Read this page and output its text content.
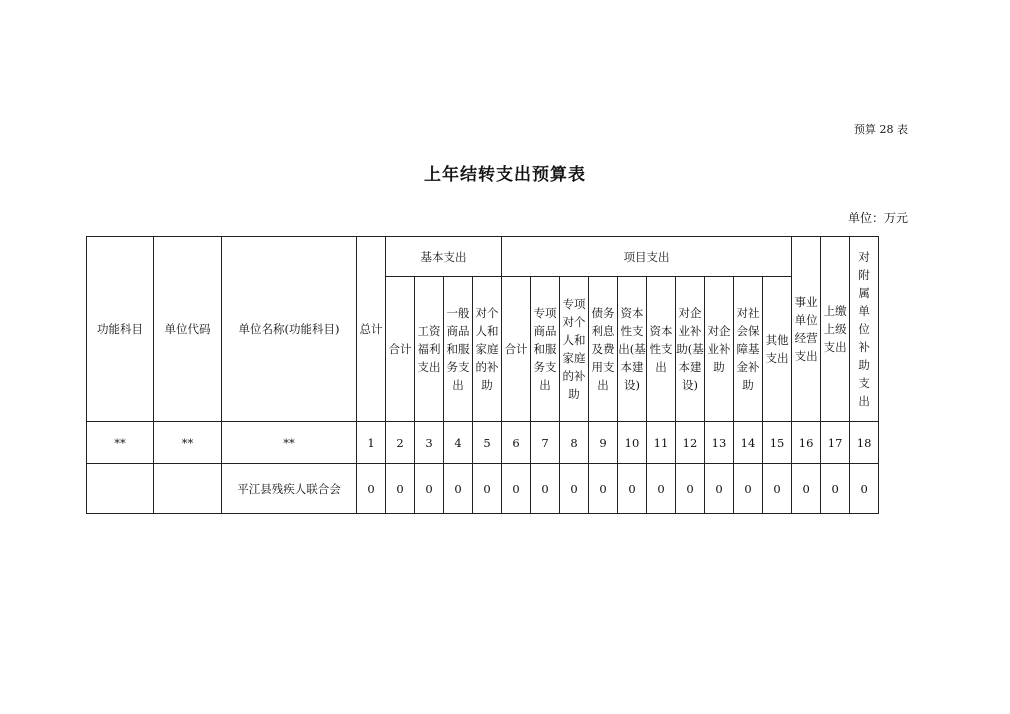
预算 28 表
上年结转支出预算表
单位：万元
功能科目	单位代码	单位名称(功能科目)	总计	基本支出				项目支出										事业单位经营支出	上缴上级支出	对附属单位补助支出

				合计	工资福利支出	一般商品和服务支出	对个人和家庭的补助	合计	专项商品和服务支出	专项对个人和家庭的补助	债务利息及费用支出	资本性支出(基本建设)	资本性支出	对企业补助(基本建设)	对企业补助	对社会保障基金补助	其他支出			

**	**	**	1	2	3	4	5	6	7	8	9	10	11	12	13	14	15	16	17	18
		平江县残疾人联合会	0	0	0	0	0	0	0	0	0	0	0	0	0	0	0	0	0	0
